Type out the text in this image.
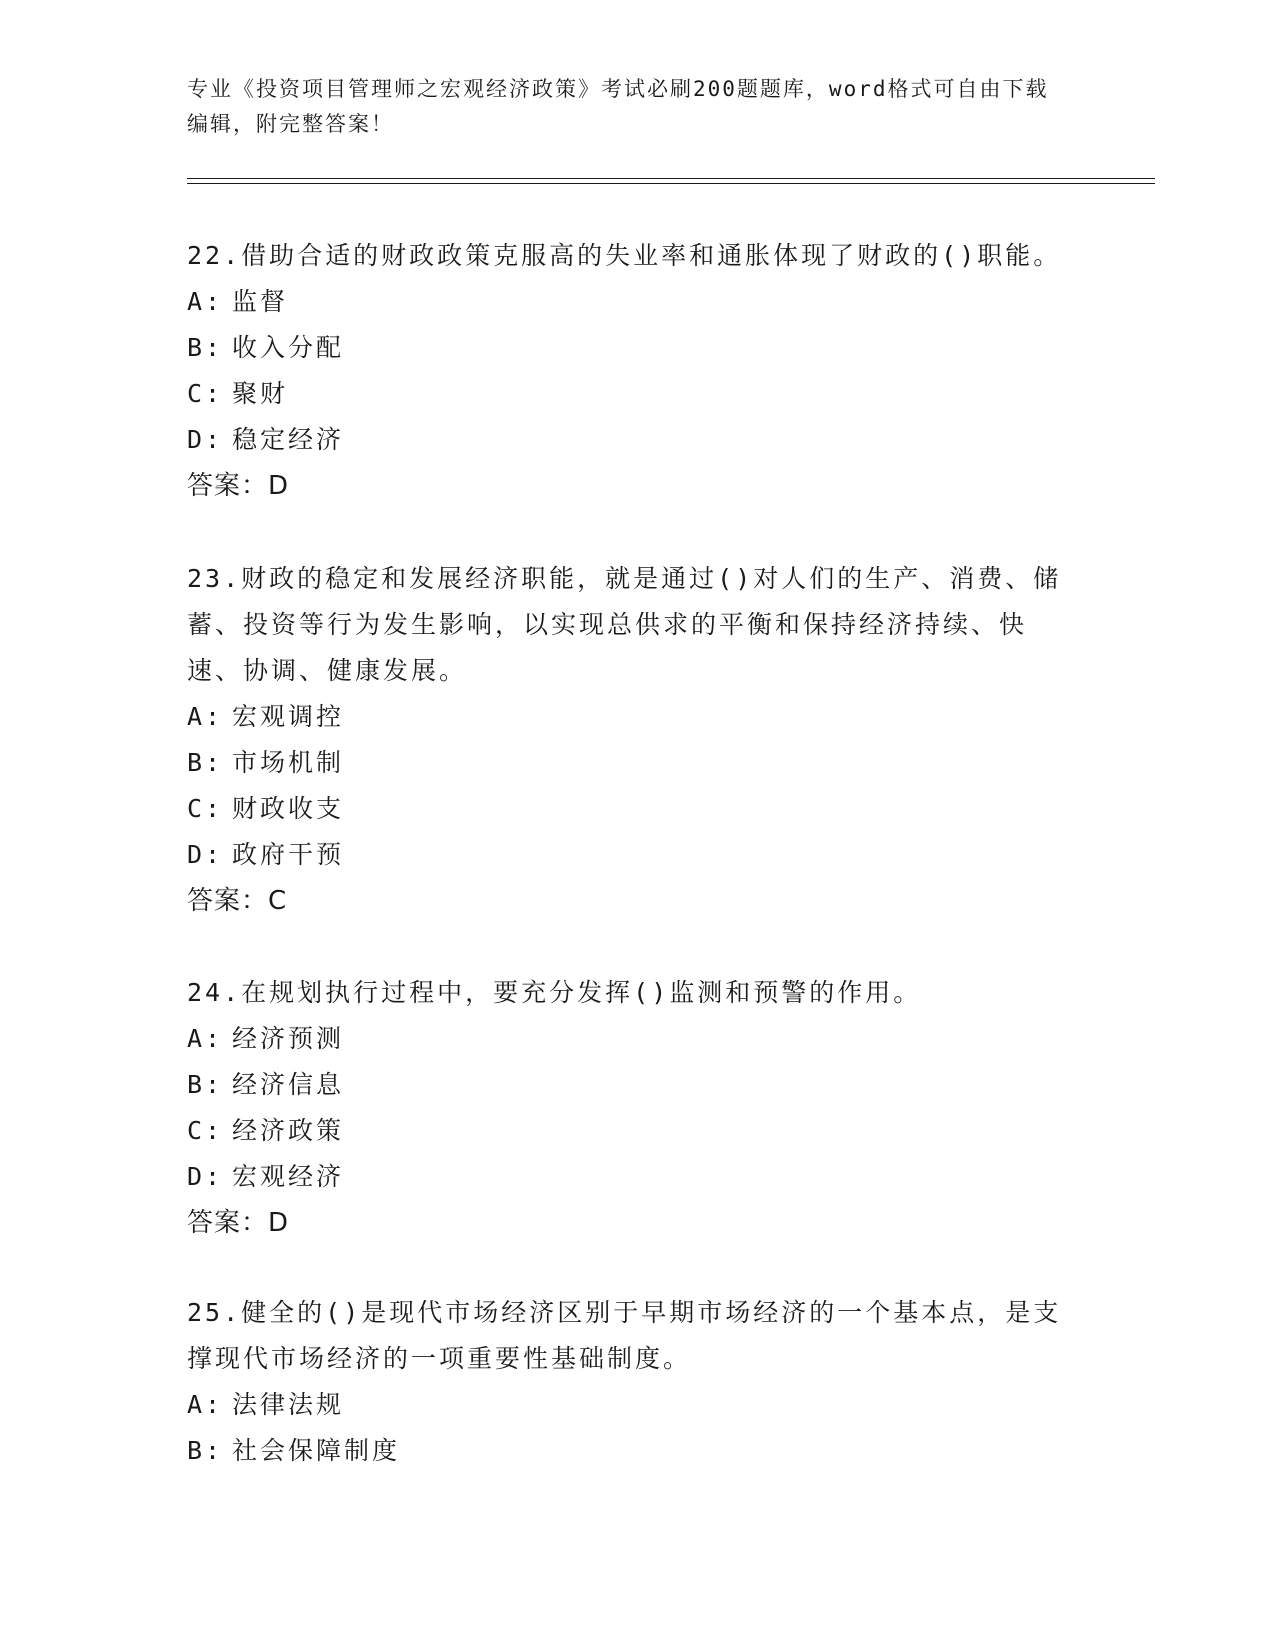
专业《投资项目管理师之宏观经济政策》考试必刷200题题库，word格式可自由下载编辑，附完整答案！

22.借助合适的财政政策克服高的失业率和通胀体现了财政的()职能。

A: 监督
B: 收入分配
C: 聚财
D: 稳定经济
答案：D

23.财政的稳定和发展经济职能，就是通过()对人们的生产、消费、储蓄、投资等行为发生影响，以实现总供求的平衡和保持经济持续、快速、协调、健康发展。

A: 宏观调控
B: 市场机制
C: 财政收支
D: 政府干预
答案：C

24.在规划执行过程中，要充分发挥()监测和预警的作用。

A: 经济预测
B: 经济信息
C: 经济政策
D: 宏观经济
答案：D

25.健全的()是现代市场经济区别于早期市场经济的一个基本点，是支撑现代市场经济的一项重要性基础制度。

A: 法律法规
B: 社会保障制度
